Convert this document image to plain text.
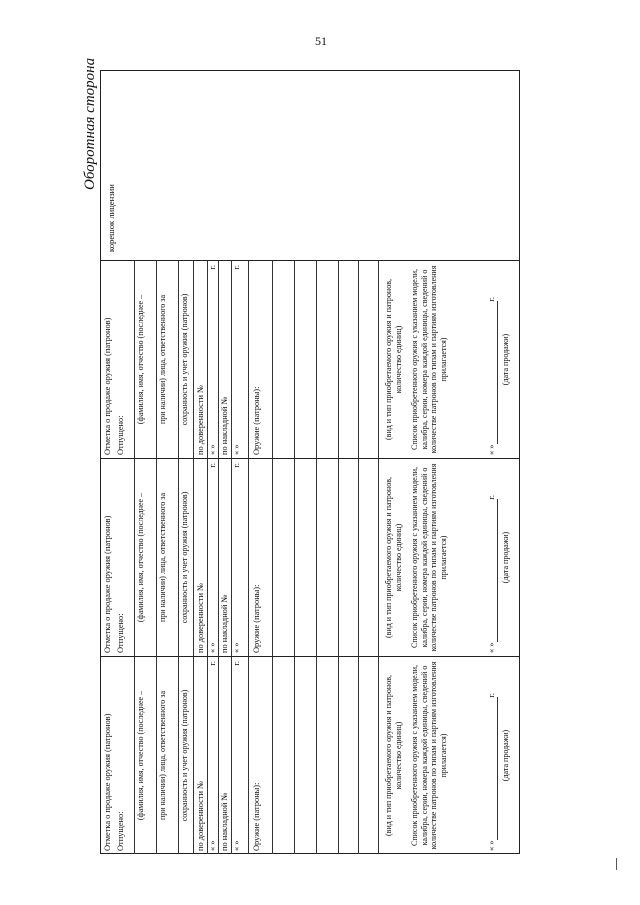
51
Оборотная сторона
Отметка о продаже оружия (патронов) Отпущено:
(фамилия, имя, отчество (последнее – при наличии) лица, ответственного за сохранность и учет оружия (патронов) по доверенности № « »
г.
по накладной № « »
г.
Оружие (патроны):	(вид и тип приобретаемого оружия и патронов, количество единиц) Список приобретенного оружия с указанием модели, калибра, серии, номера каждой единицы, сведений о количестве патронов по типам и партиям изготовления прилагается)
« »
г.
(дата продажи)
Отметка о продаже оружия (патронов) Отпущено:
(фамилия, имя, отчество (последнее – при наличии) лица, ответственного за сохранность и учет оружия (патронов) по доверенности № « »
г.
по накладной № « »
г.
Оружие (патроны):	(вид и тип приобретаемого оружия и патронов, количество единиц) Список приобретенного оружия с указанием модели, калибра, серии, номера каждой единицы, сведений о количестве патронов по типам и партиям изготовления прилагается)
« »
г.
(дата продажи)
Отметка о продаже оружия (патронов) Отпущено:
(фамилия, имя, отчество (последнее – при наличии) лица, ответственного за сохранность и учет оружия (патронов) по доверенности № « »
г.
по накладной № « »
г.
Оружие (патроны):	(вид и тип приобретаемого оружия и патронов, количество единиц) Список приобретенного оружия с указанием модели, калибра, серии, номера каждой единицы, сведений о количестве патронов по типам и партиям изготовления прилагается)
« »
г.
(дата продажи)
корешок лицензии
